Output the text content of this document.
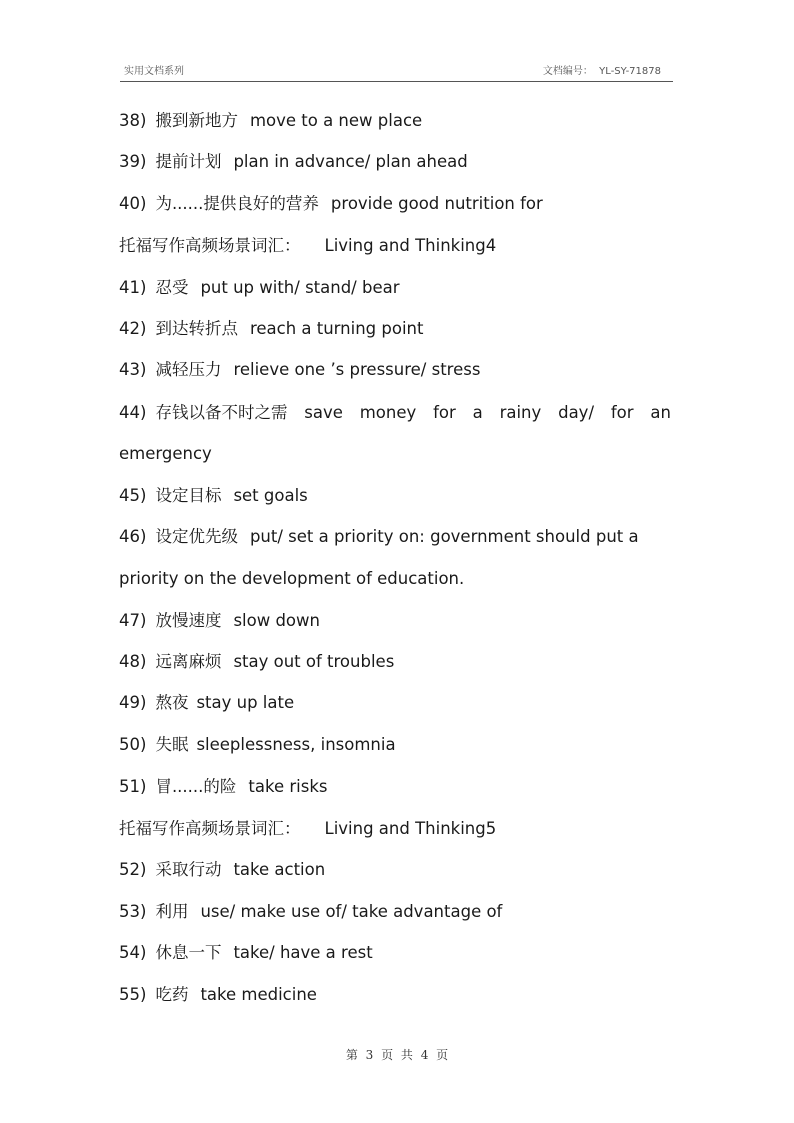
实用文档系列	文档编号：  YL-SY-71878
38) 搬到新地方 move to a new place
39) 提前计划 plan in advance/ plan ahead
40) 为......提供良好的营养 provide good nutrition for
托福写作高频场景词汇： Living and Thinking4
41) 忍受 put up with/ stand/ bear
42) 到达转折点 reach a turning point
43) 减轻压力 relieve one ’s pressure/ stress
44) 存钱以备不时之需 save money for a rainy day/ for an
emergency
45) 设定目标 set goals
46) 设定优先级 put/ set a priority on: government should put a
priority on the development of education.
47) 放慢速度 slow down
48) 远离麻烦 stay out of troubles
49) 熬夜 stay up late
50) 失眠 sleeplessness, insomnia
51) 冒......的险 take risks
托福写作高频场景词汇： Living and Thinking5
52) 采取行动 take action
53) 利用 use/ make use of/ take advantage of
54) 休息一下 take/ have a rest
55) 吃药 take medicine
第 3 页 共 4 页
